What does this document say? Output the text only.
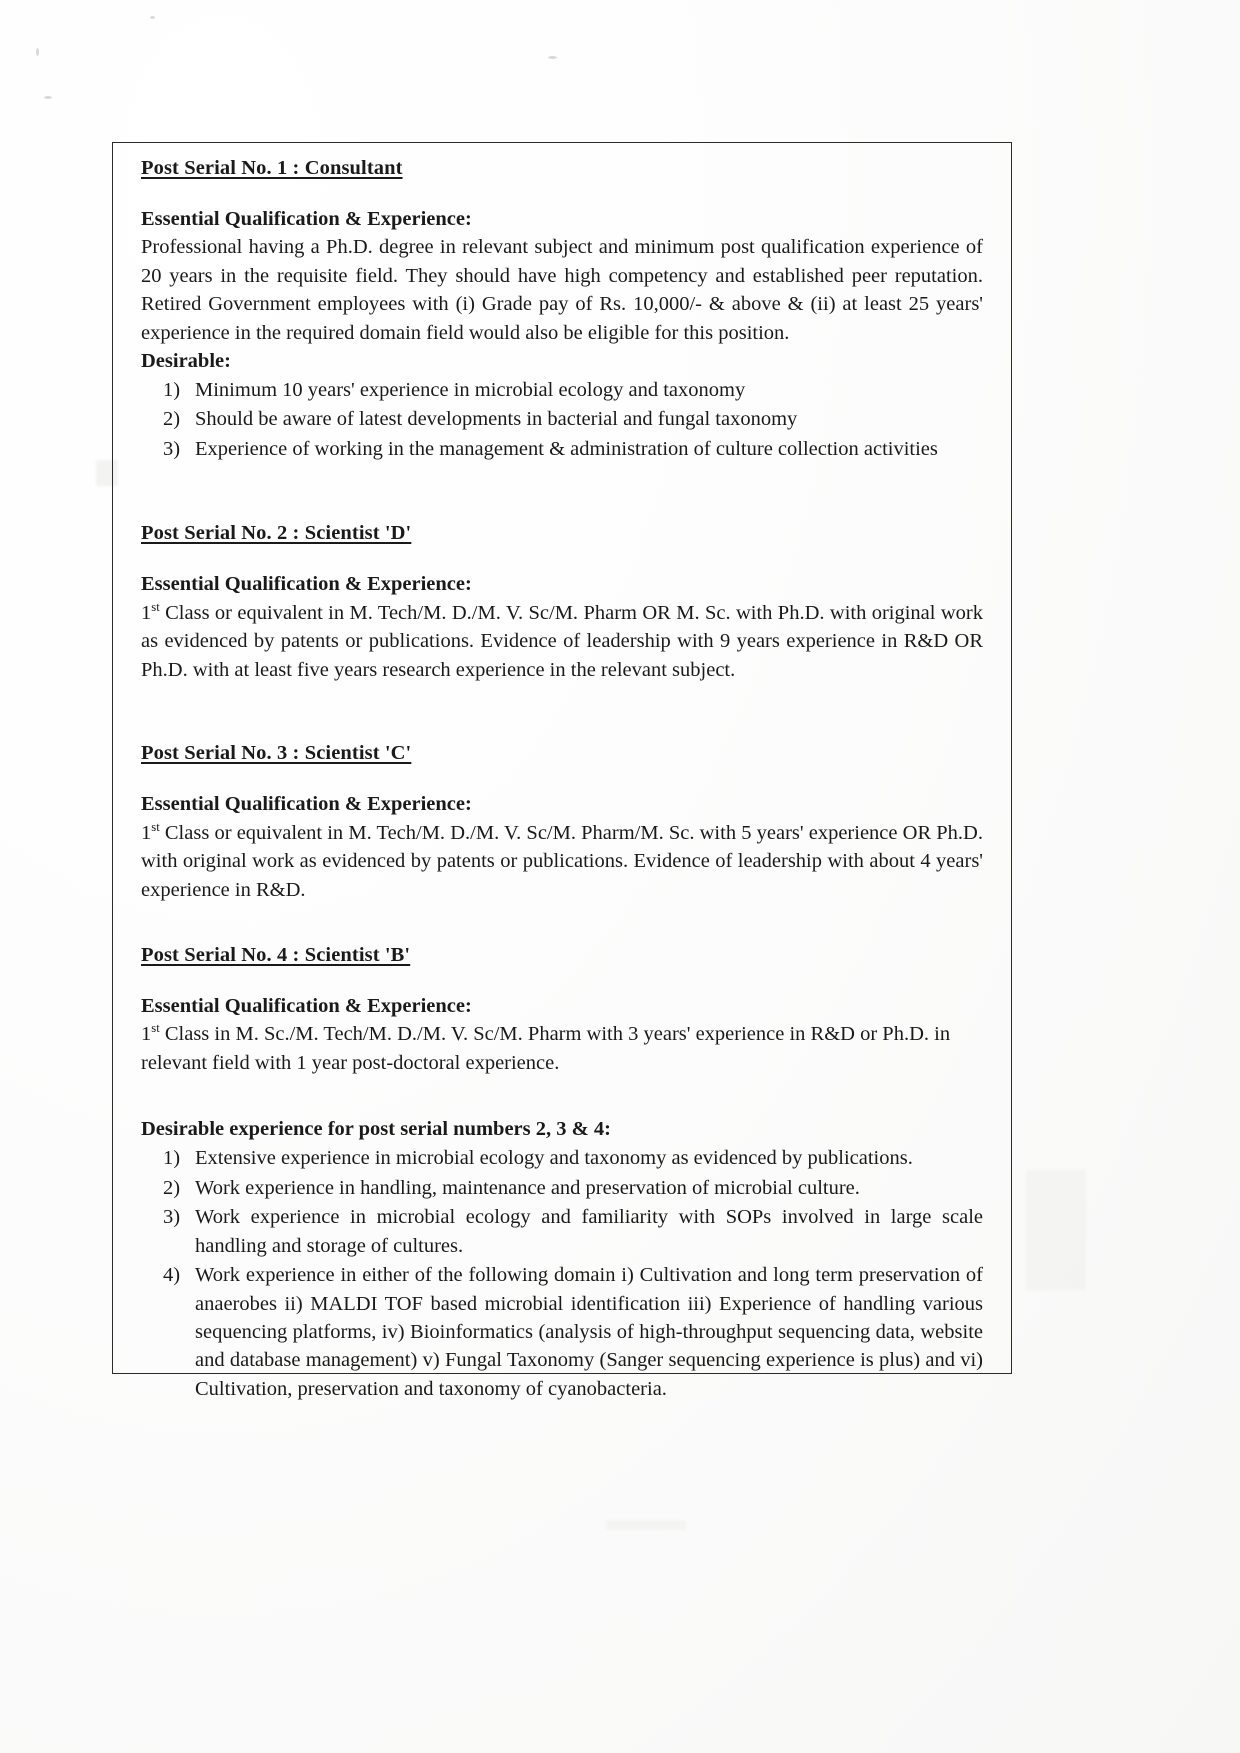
Post Serial No. 1 : Consultant
Essential Qualification & Experience:
Professional having a Ph.D. degree in relevant subject and minimum post qualification experience of 20 years in the requisite field. They should have high competency and established peer reputation. Retired Government employees with (i) Grade pay of Rs. 10,000/- & above & (ii) at least 25 years' experience in the required domain field would also be eligible for this position.
Desirable:
1) Minimum 10 years' experience in microbial ecology and taxonomy
2) Should be aware of latest developments in bacterial and fungal taxonomy
3) Experience of working in the management & administration of culture collection activities
Post Serial No. 2 : Scientist 'D'
Essential Qualification & Experience:
1st Class or equivalent in M. Tech/M. D./M. V. Sc/M. Pharm OR M. Sc. with Ph.D. with original work as evidenced by patents or publications. Evidence of leadership with 9 years experience in R&D OR Ph.D. with at least five years research experience in the relevant subject.
Post Serial No. 3 : Scientist 'C'
Essential Qualification & Experience:
1st Class or equivalent in M. Tech/M. D./M. V. Sc/M. Pharm/M. Sc. with 5 years' experience OR Ph.D. with original work as evidenced by patents or publications. Evidence of leadership with about 4 years' experience in R&D.
Post Serial No. 4 : Scientist 'B'
Essential Qualification & Experience:
1st Class in M. Sc./M. Tech/M. D./M. V. Sc/M. Pharm with 3 years' experience in R&D or Ph.D. in relevant field with 1 year post-doctoral experience.
Desirable experience for post serial numbers 2, 3 & 4:
1) Extensive experience in microbial ecology and taxonomy as evidenced by publications.
2) Work experience in handling, maintenance and preservation of microbial culture.
3) Work experience in microbial ecology and familiarity with SOPs involved in large scale handling and storage of cultures.
4) Work experience in either of the following domain i) Cultivation and long term preservation of anaerobes ii) MALDI TOF based microbial identification iii) Experience of handling various sequencing platforms, iv) Bioinformatics (analysis of high-throughput sequencing data, website and database management) v) Fungal Taxonomy (Sanger sequencing experience is plus) and vi) Cultivation, preservation and taxonomy of cyanobacteria.
